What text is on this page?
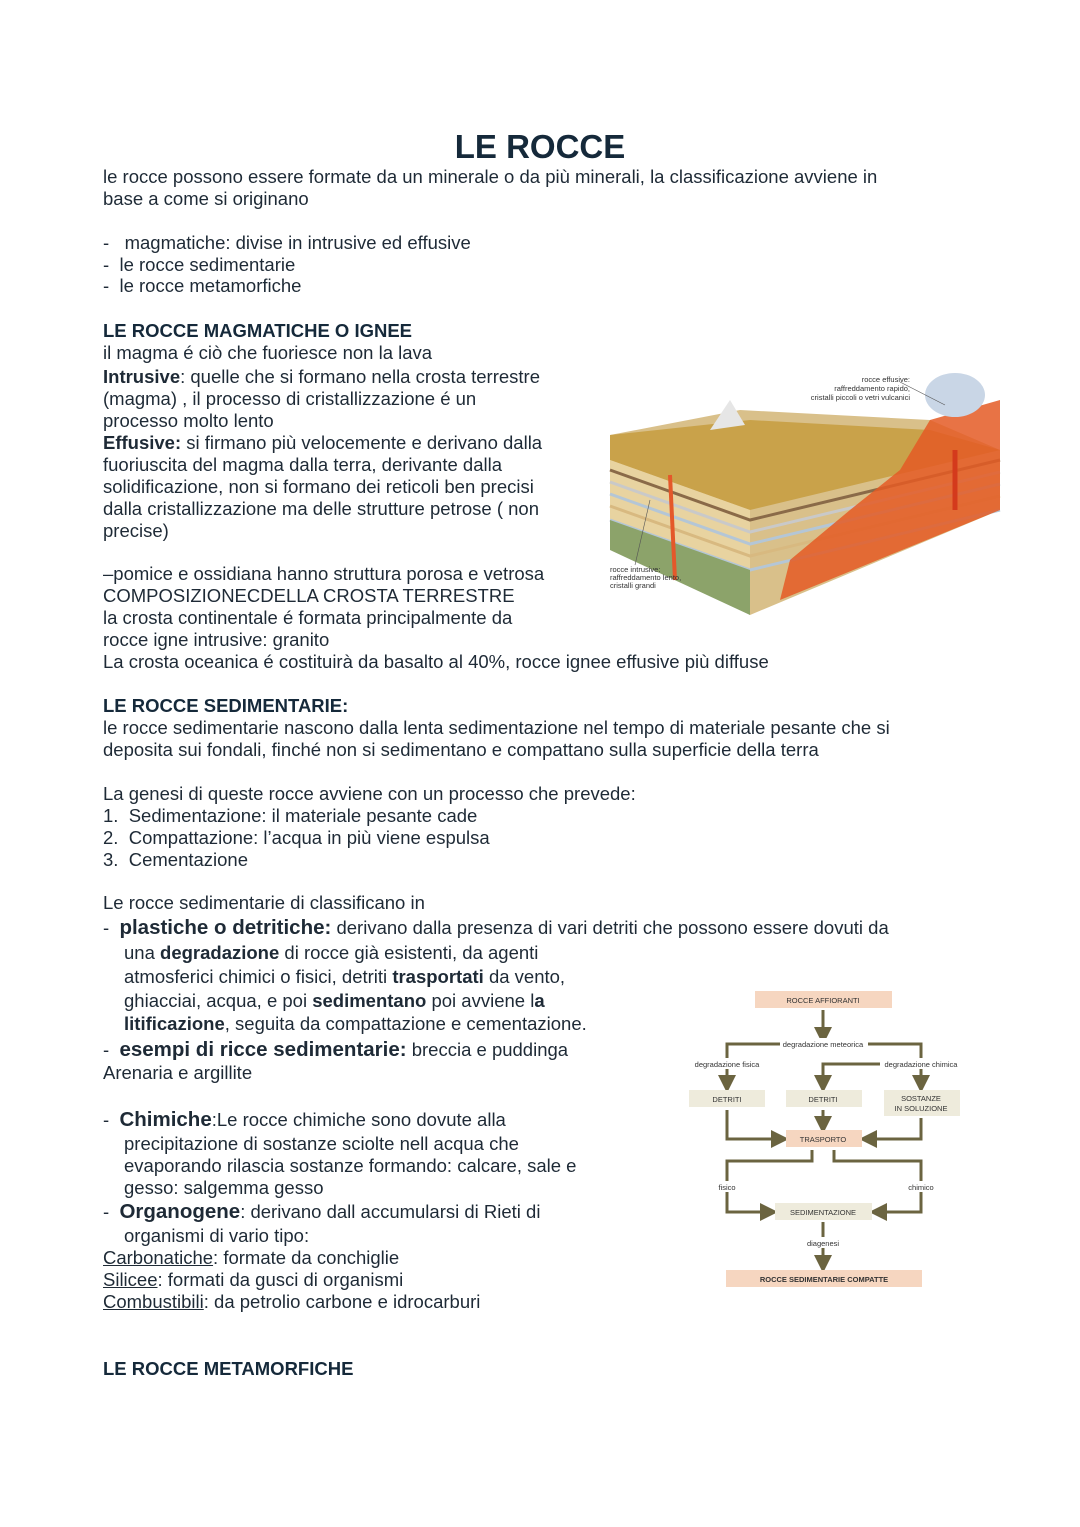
LE ROCCE
le rocce possono essere formate da un minerale o da più minerali, la classificazione avviene in
base a come si originano
-   magmatiche: divise in intrusive ed effusive
-  le rocce sedimentarie
-  le rocce metamorfiche
LE ROCCE MAGMATICHE O IGNEE
il magma é ciò che fuoriesce non la lava
Intrusive: quelle che si formano nella crosta terrestre
(magma) , il processo di cristallizzazione é un
processo molto lento
Effusive: si firmano più velocemente e derivano dalla
fuoriuscita del magma dalla terra, derivante dalla
solidificazione, non si formano dei reticoli ben precisi
dalla cristallizzazione ma delle strutture petrose ( non
precise)
–pomice e ossidiana hanno struttura porosa e vetrosa
COMPOSIZIONECDELLA CROSTA TERRESTRE
la crosta continentale é formata principalmente da
rocce igne intrusive: granito
La crosta oceanica é costituirà da basalto al 40%, rocce ignee effusive più diffuse
rocce effusive:
raffreddamento rapido,
cristalli piccoli o vetri vulcanici
rocce intrusive:
raffreddamento lento,
cristalli grandi
LE ROCCE SEDIMENTARIE:
le rocce sedimentarie nascono dalla lenta sedimentazione nel tempo di materiale pesante che si
deposita sui fondali, finché non si sedimentano e compattano sulla superficie della terra
La genesi di queste rocce avviene con un processo che prevede:
1.  Sedimentazione: il materiale pesante cade
2.  Compattazione: l’acqua in più viene espulsa
3.  Cementazione
Le rocce sedimentarie di classificano in
-  plastiche o detritiche: derivano dalla presenza di vari detriti che possono essere dovuti da
una degradazione di rocce già esistenti, da agenti
atmosferici chimici o fisici, detriti trasportati da vento,
ghiacciai, acqua, e poi sedimentano poi avviene la
litificazione, seguita da compattazione e cementazione.
-  esempi di ricce sedimentarie: breccia e puddinga
Arenaria e argillite
-  Chimiche:Le rocce chimiche sono dovute alla
precipitazione di sostanze sciolte nell acqua che
evaporando rilascia sostanze formando: calcare, sale e
gesso: salgemma gesso
-  Organogene: derivano dall accumularsi di Rieti di
organismi di vario tipo:
Carbonatiche: formate da conchiglie
Silicee: formati da gusci di organismi
Combustibili: da petrolio carbone e idrocarburi
ROCCE AFFIORANTI
degradazione meteorica
degradazione fisica	degradazione chimica
DETRITI	DETRITI	SOSTANZE
IN SOLUZIONE
TRASPORTO
fisico	chimico
SEDIMENTAZIONE
diagenesi
ROCCE SEDIMENTARIE COMPATTE
LE ROCCE METAMORFICHE
